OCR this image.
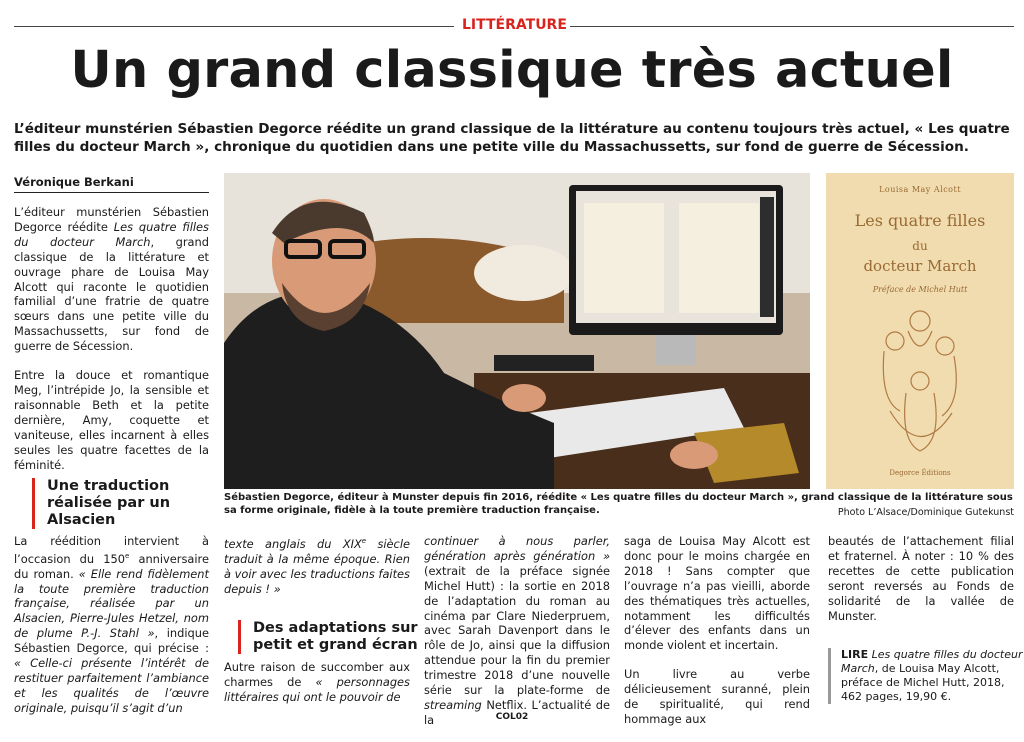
LITTÉRATURE
Un grand classique très actuel
L’éditeur munstérien Sébastien Degorce réédite un grand classique de la littérature au contenu toujours très actuel, « Les quatre filles du docteur March », chronique du quotidien dans une petite ville du Massachussetts, sur fond de guerre de Sécession.
Véronique Berkani

L’éditeur munstérien Sébastien Degorce réédite Les quatre filles du docteur March, grand classique de la littérature et ouvrage phare de Louisa May Alcott qui raconte le quotidien familial d’une fratrie de quatre sœurs dans une petite ville du Massachussetts, sur fond de guerre de Sécession.

Entre la douce et romantique Meg, l’intrépide Jo, la sensible et raisonnable Beth et la petite dernière, Amy, coquette et vaniteuse, elles incarnent à elles seules les quatre facettes de la féminité.

Une traduction réalisée par un Alsacien

La réédition intervient à l’occasion du 150e anniversaire du roman. « Elle rend fidèlement la toute première traduction française, réalisée par un Alsacien, Pierre-Jules Hetzel, nom de plume P.-J. Stahl », indique Sébastien Degorce, qui précise : « Celle-ci présente l’intérêt de restituer parfaitement l’ambiance et les qualités de l’œuvre originale, puisqu’il s’agit d’un

Louisa May Alcott
Les quatre filles
du
docteur March
Préface de Michel Hutt
Degorce Éditions
Sébastien Degorce, éditeur à Munster depuis fin 2016, réédite « Les quatre filles du docteur March », grand classique de la littérature sous sa forme originale, fidèle à la toute première traduction française.	Photo L’Alsace/Dominique Gutekunst

texte anglais du XIXe siècle traduit à la même époque. Rien à voir avec les traductions faites depuis ! »

Des adaptations sur petit et grand écran

Autre raison de succomber aux charmes de « personnages littéraires qui ont le pouvoir de

continuer à nous parler, génération après génération » (extrait de la préface signée Michel Hutt) : la sortie en 2018 de l’adaptation du roman au cinéma par Clare Niederpruem, avec Sarah Davenport dans le rôle de Jo, ainsi que la diffusion attendue pour la fin du premier trimestre 2018 d’une nouvelle série sur la plate-forme de streaming Netflix. L’actualité de la

saga de Louisa May Alcott est donc pour le moins chargée en 2018 ! Sans compter que l’ouvrage n’a pas vieilli, aborde des thématiques très actuelles, notamment les difficultés d’élever des enfants dans un monde violent et incertain.

Un livre au verbe délicieusement suranné, plein de spiritualité, qui rend hommage aux

beautés de l’attachement filial et fraternel. À noter : 10 % des recettes de cette publication seront reversés au Fonds de solidarité de la vallée de Munster.

LIRE Les quatre filles du docteur March, de Louisa May Alcott, préface de Michel Hutt, 2018, 462 pages, 19,90 €.
COL02
